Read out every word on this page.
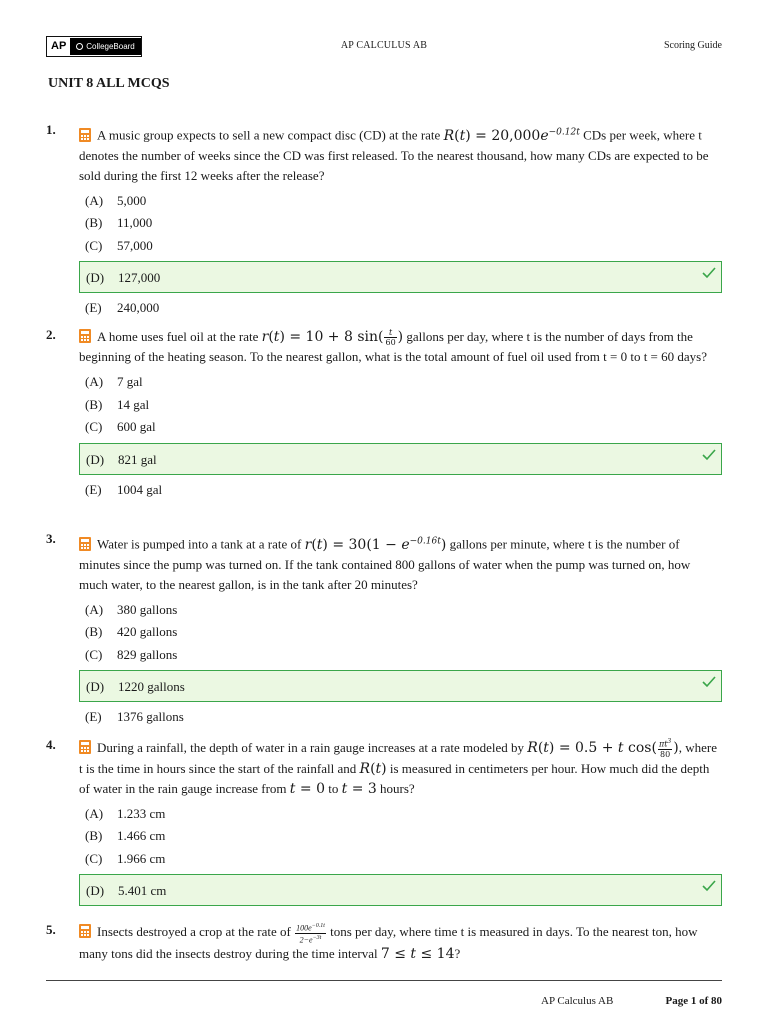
AP	CollegeBoard	AP CALCULUS AB	Scoring Guide
UNIT 8 ALL MCQS
1.	A music group expects to sell a new compact disc (CD) at the rate $R(t) = 20,000e^{-0.12t}$ CDs per week, where t denotes the number of weeks since the CD was first released. To the nearest thousand, how many CDs are expected to be sold during the first 12 weeks after the release?
(A) 5,000
(B) 11,000
(C) 57,000
(D) 127,000
(E) 240,000
2.	A home uses fuel oil at the rate r(t) = 10 + 8 $\sin( \frac{t}{60}$ ) gallons per day, where t is the number of days from the beginning of the heating season. To the nearest gallon, what is the total amount of fuel oil used from t = 0 to t = 60 days?
(A) 7 gal
(B) 14 gal
(C) 600 gal
(D) 821 gal
(E) 1004 gal
3.	Water is pumped into a tank at a rate of $r(t) = 30(1 - e^{-0.16t})$ gallons per minute, where t is the number of minutes since the pump was turned on. If the tank contained 800 gallons of water when the pump was turned on, how much water, to the nearest gallon, is in the tank after 20 minutes?
(A) 380 gallons
(B) 420 gallons
(C) 829 gallons
(D) 1220 gallons
(E) 1376 gallons
4.	During a rainfall, the depth of water in a rain gauge increases at a rate modeled by R(t) = 0.5 + t $\cos( \frac{\pi t^3}{80}$ ), where t is the time in hours since the start of the rainfall and R(t) is measured in centimeters per hour. How much did the depth of water in the rain gauge increase from t = 0 to t = 3 hours?
(A) 1.233 cm
(B) 1.466 cm
(C) 1.966 cm
(D) 5.401 cm
5.	Insects destroyed a crop at the rate of $\frac{100e^{-0.1t}}{2-e^{-3t}}$ tons per day, where time t is measured in days. To the nearest ton, how many tons did the insects destroy during the time interval 7 ≤ t ≤ 14?
AP Calculus AB	Page 1 of 80
